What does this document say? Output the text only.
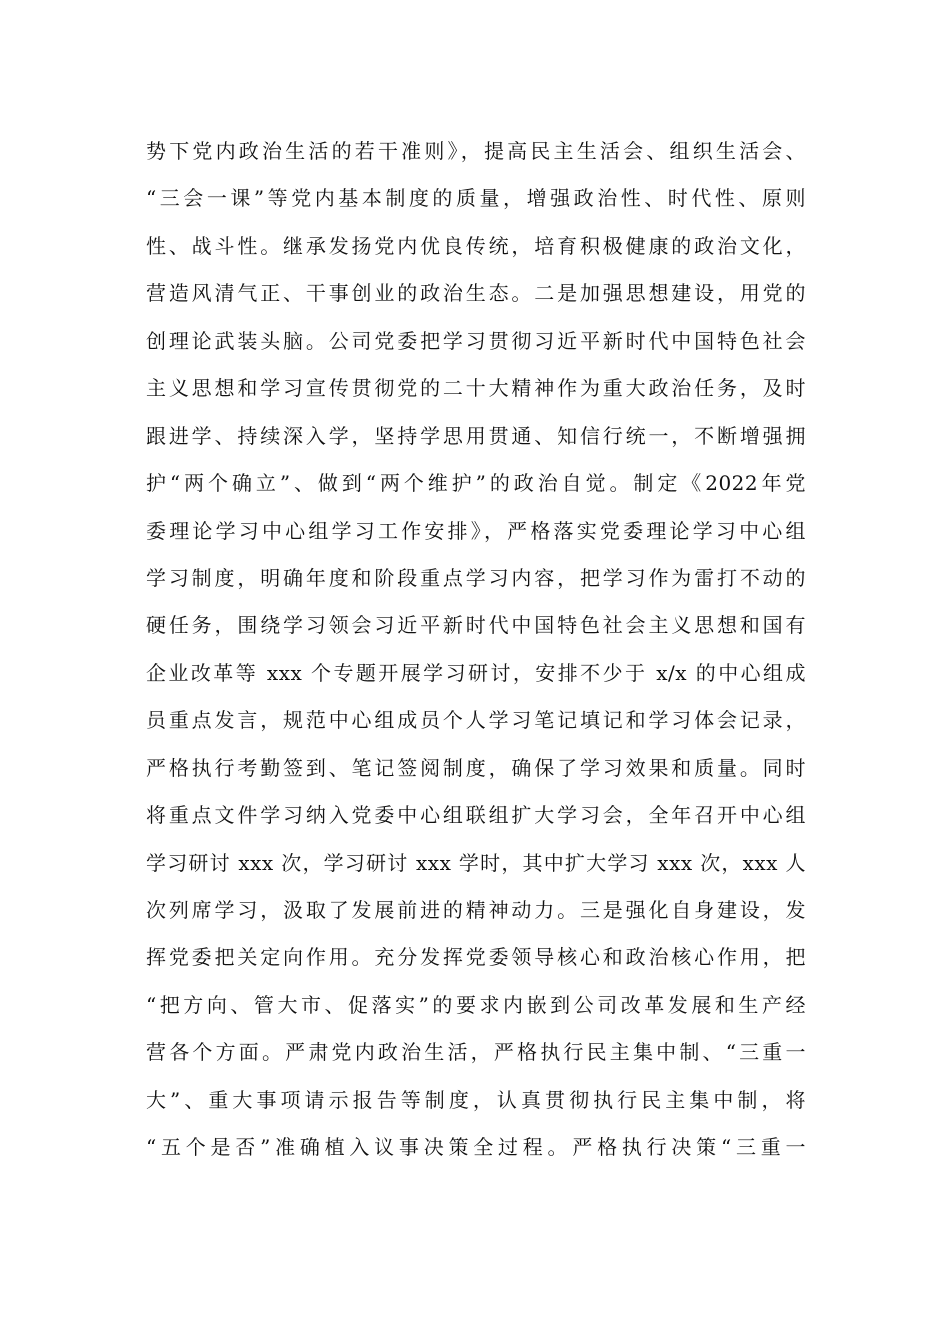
势下党内政治生活的若干准则》，提高民主生活会、组织生活会、
“三会一课”等党内基本制度的质量，增强政治性、时代性、原则
性、战斗性。继承发扬党内优良传统，培育积极健康的政治文化，
营造风清气正、干事创业的政治生态。二是加强思想建设，用党的
创理论武装头脑。公司党委把学习贯彻习近平新时代中国特色社会
主义思想和学习宣传贯彻党的二十大精神作为重大政治任务，及时
跟进学、持续深入学，坚持学思用贯通、知信行统一，不断增强拥
护“两个确立”、做到“两个维护”的政治自觉。制定《2022年党
委理论学习中心组学习工作安排》，严格落实党委理论学习中心组
学习制度，明确年度和阶段重点学习内容，把学习作为雷打不动的
硬任务，围绕学习领会习近平新时代中国特色社会主义思想和国有
企业改革等 xxx 个专题开展学习研讨，安排不少于 x/x 的中心组成
员重点发言，规范中心组成员个人学习笔记填记和学习体会记录，
严格执行考勤签到、笔记签阅制度，确保了学习效果和质量。同时
将重点文件学习纳入党委中心组联组扩大学习会，全年召开中心组
学习研讨 xxx 次，学习研讨 xxx 学时，其中扩大学习 xxx 次，xxx 人
次列席学习，汲取了发展前进的精神动力。三是强化自身建设，发
挥党委把关定向作用。充分发挥党委领导核心和政治核心作用，把
“把方向、管大市、促落实”的要求内嵌到公司改革发展和生产经
营各个方面。严肃党内政治生活，严格执行民主集中制、“三重一
大”、重大事项请示报告等制度，认真贯彻执行民主集中制，将
“五个是否”准确植入议事决策全过程。严格执行决策“三重一
